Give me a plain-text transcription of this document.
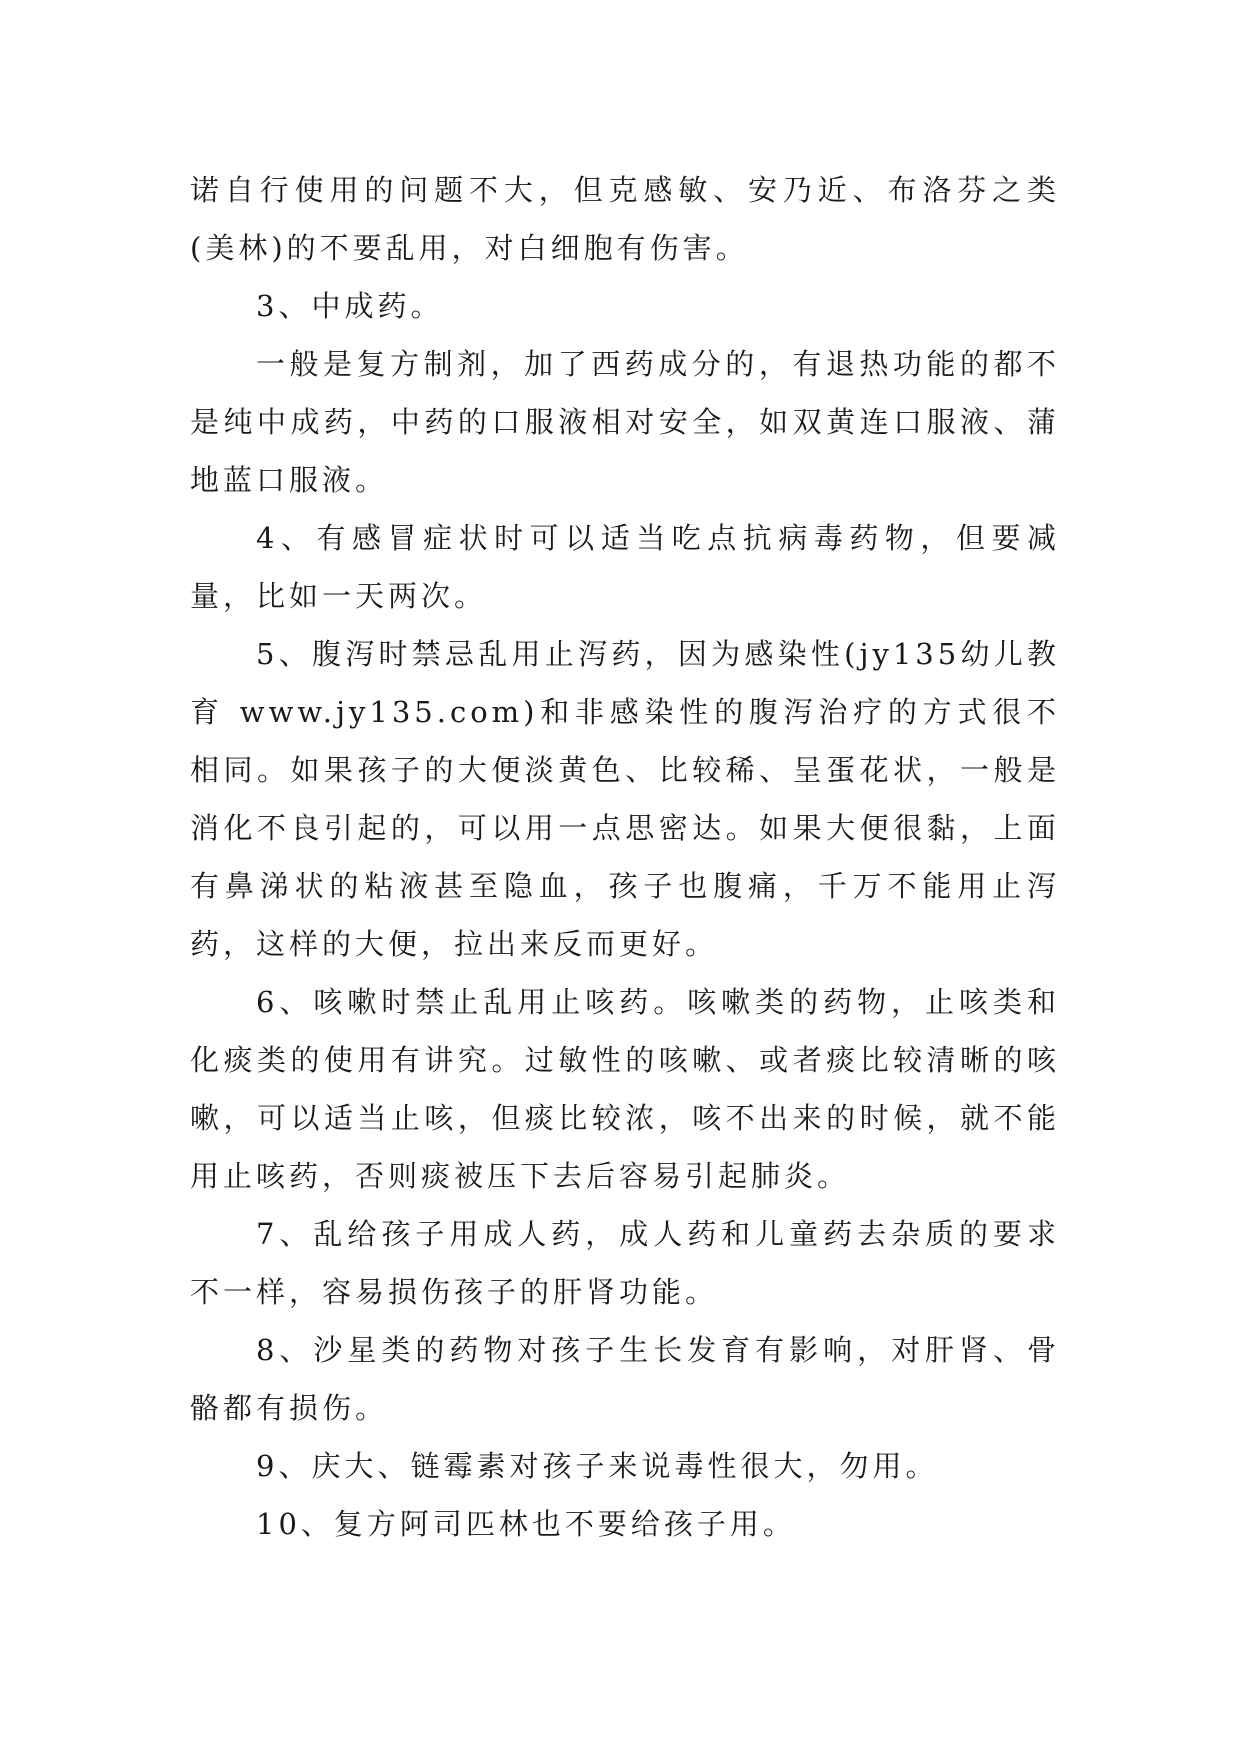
诺自行使用的问题不大，但克感敏、安乃近、布洛芬之类(美林)的不要乱用，对白细胞有伤害。

3、中成药。

一般是复方制剂，加了西药成分的，有退热功能的都不是纯中成药，中药的口服液相对安全，如双黄连口服液、蒲地蓝口服液。

4、有感冒症状时可以适当吃点抗病毒药物，但要减量，比如一天两次。

5、腹泻时禁忌乱用止泻药，因为感染性(jy135幼儿教育 www.jy135.com)和非感染性的腹泻治疗的方式很不相同。如果孩子的大便淡黄色、比较稀、呈蛋花状，一般是消化不良引起的，可以用一点思密达。如果大便很黏，上面有鼻涕状的粘液甚至隐血，孩子也腹痛，千万不能用止泻药，这样的大便，拉出来反而更好。

6、咳嗽时禁止乱用止咳药。咳嗽类的药物，止咳类和化痰类的使用有讲究。过敏性的咳嗽、或者痰比较清晰的咳嗽，可以适当止咳，但痰比较浓，咳不出来的时候，就不能用止咳药，否则痰被压下去后容易引起肺炎。

7、乱给孩子用成人药，成人药和儿童药去杂质的要求不一样，容易损伤孩子的肝肾功能。

8、沙星类的药物对孩子生长发育有影响，对肝肾、骨骼都有损伤。

9、庆大、链霉素对孩子来说毒性很大，勿用。

10、复方阿司匹林也不要给孩子用。
